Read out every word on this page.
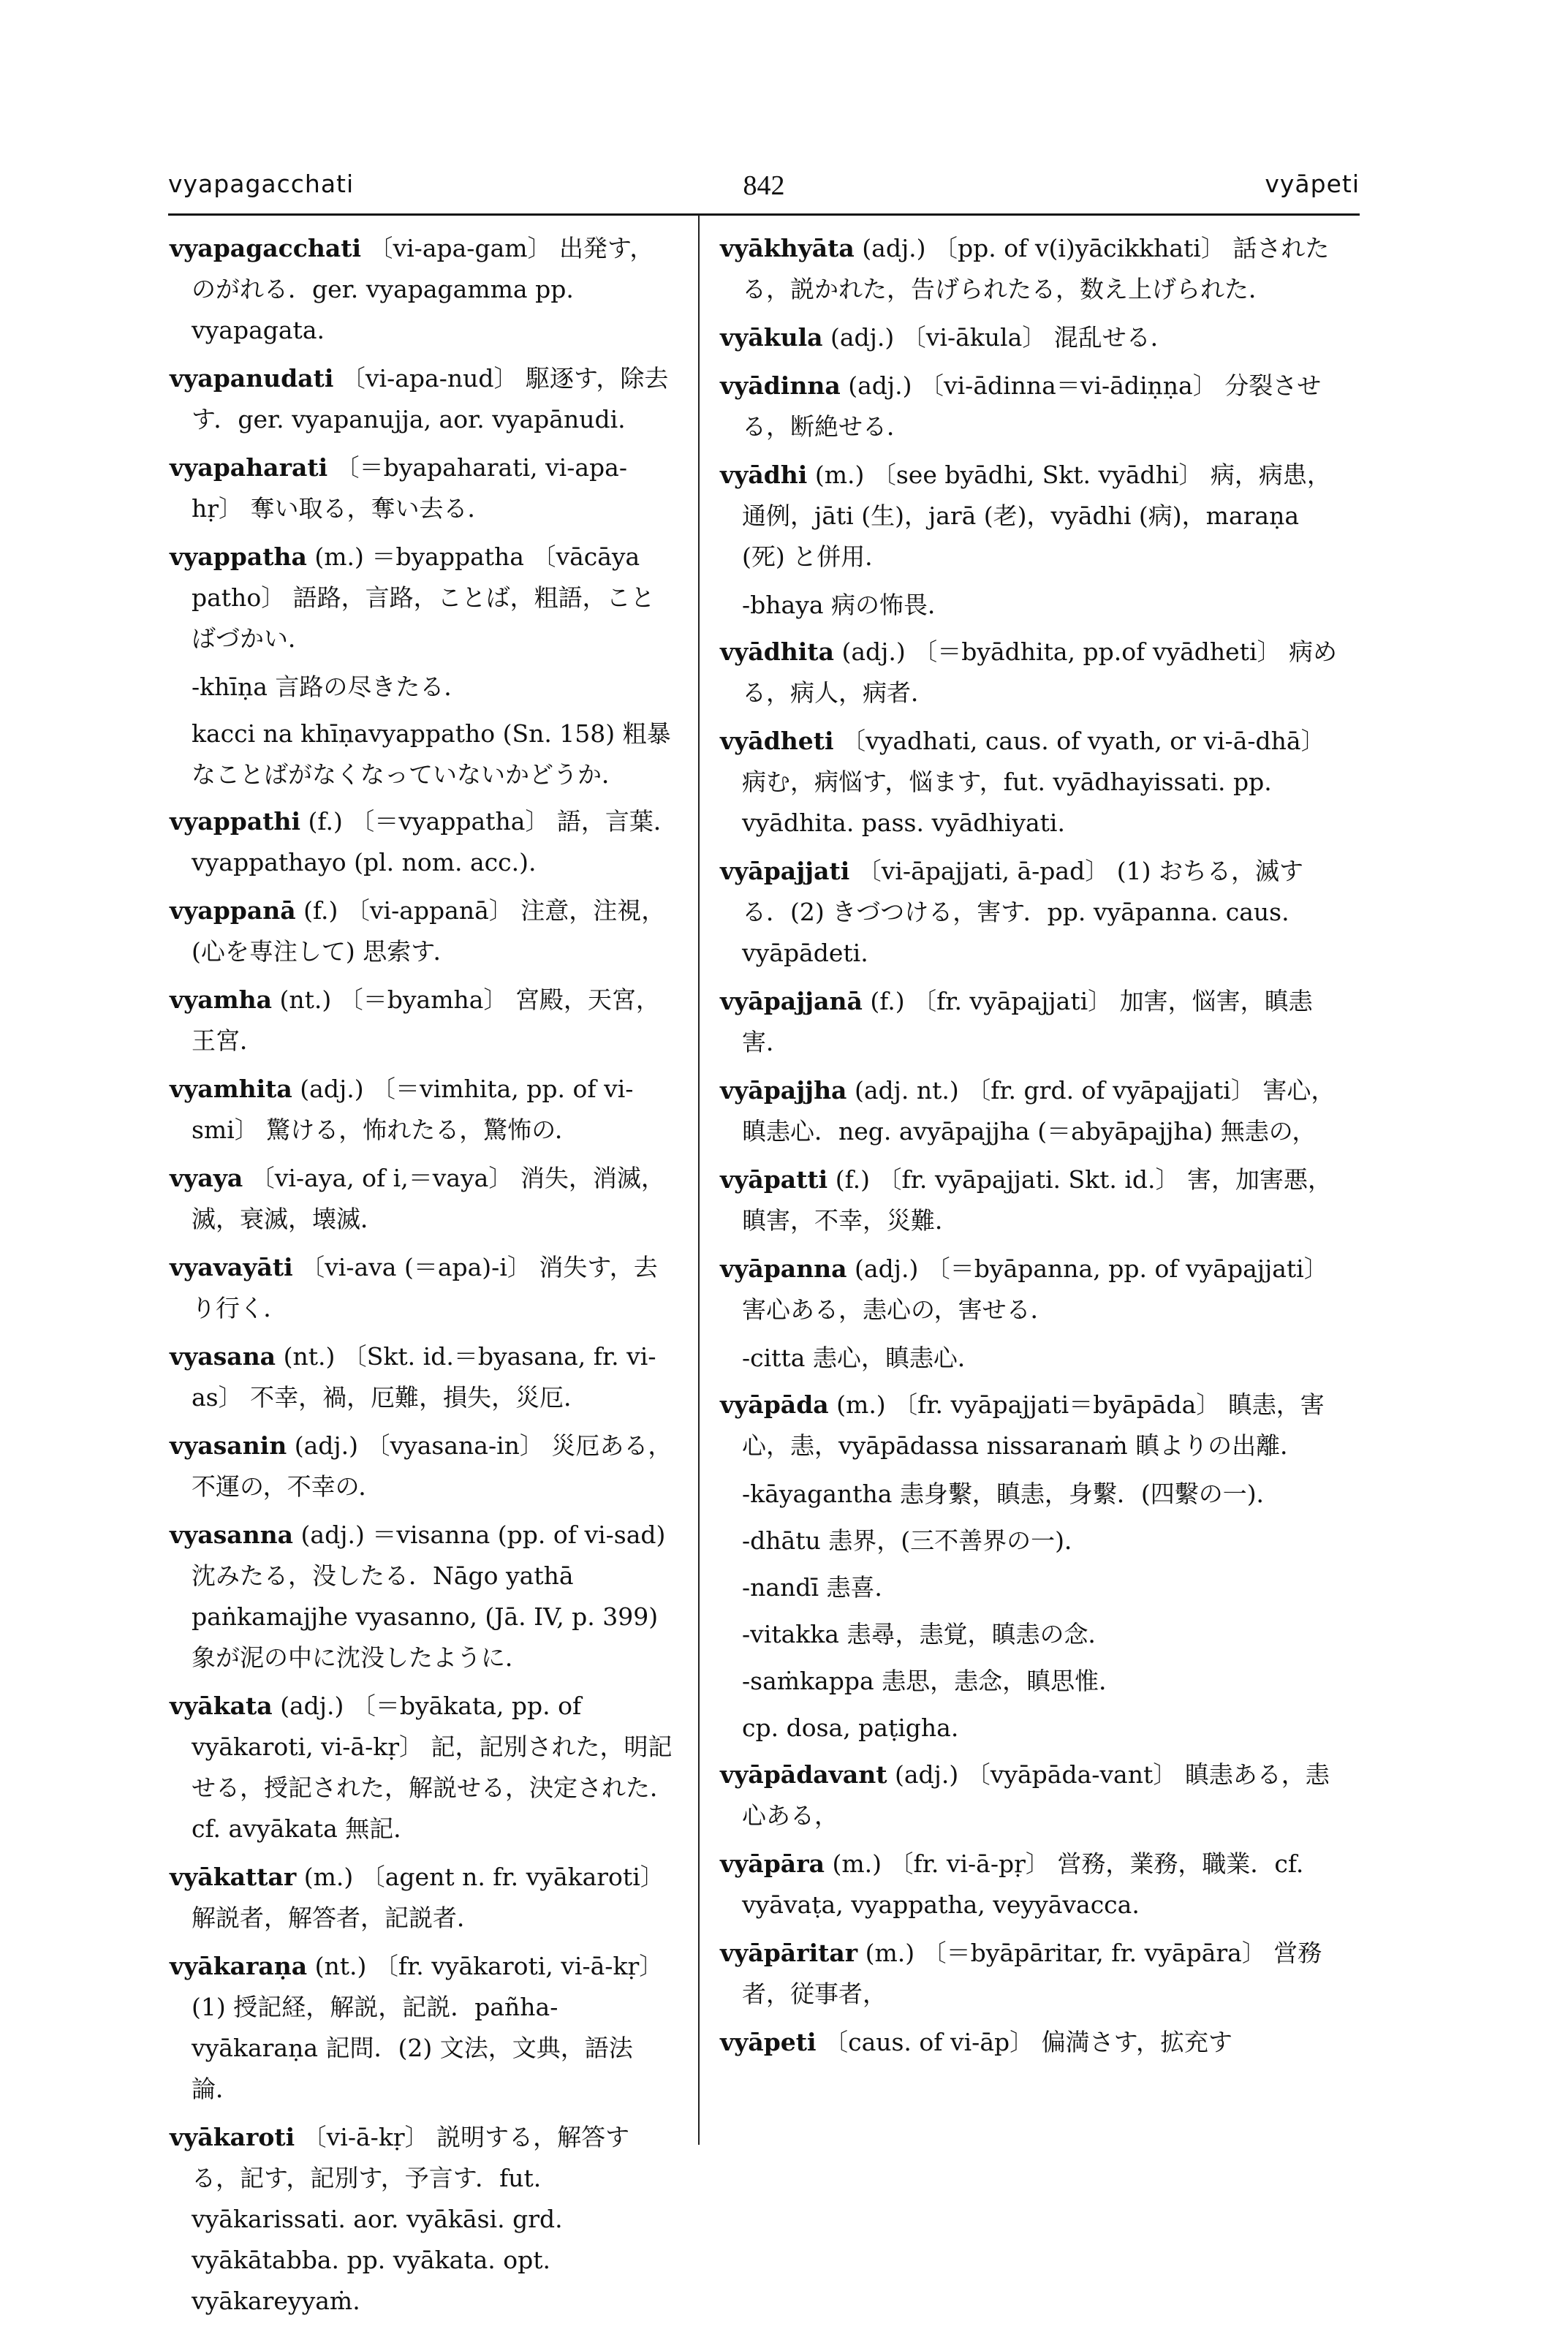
vyapagacchati	842	vyāpeti

vyapagacchati 〔vi-apa-gam〕 出発す，のがれる．ger. vyapagamma pp. vyapagata.

vyapanudati 〔vi-apa-nud〕 駆逐す，除去す．ger. vyapanujja, aor. vyapānudi.

vyapaharati 〔＝byapaharati, vi-apa-hṛ〕 奪い取る，奪い去る．

vyappatha (m.) ＝byappatha 〔vācāya patho〕 語路，言路，ことば，粗語，ことばづかい．

-khīṇa 言路の尽きたる．

kacci na khīṇavyappatho (Sn. 158) 粗暴なことばがなくなっていないかどうか．

vyappathi (f.) 〔＝vyappatha〕 語，言葉．vyappathayo (pl. nom. acc.).

vyappanā (f.) 〔vi-appanā〕 注意，注視，(心を専注して) 思索す．

vyamha (nt.) 〔＝byamha〕 宮殿，天宮，王宮．

vyamhita (adj.) 〔＝vimhita, pp. of vi-smi〕 驚ける，怖れたる，驚怖の．

vyaya 〔vi-aya, of i,＝vaya〕 消失，消滅，滅，衰滅，壊滅．

vyavayāti 〔vi-ava (＝apa)-i〕 消失す，去り行く．

vyasana (nt.) 〔Skt. id.＝byasana, fr. vi-as〕 不幸，禍，厄難，損失，災厄．

vyasanin (adj.) 〔vyasana-in〕 災厄ある，不運の，不幸の．

vyasanna (adj.) ＝visanna (pp. of vi-sad) 沈みたる，没したる．Nāgo yathā paṅkamajjhe vyasanno, (Jā. IV, p. 399) 象が泥の中に沈没したように．

vyākata (adj.) 〔＝byākata, pp. of vyākaroti, vi-ā-kṛ〕 記，記別された，明記せる，授記された，解説せる，決定された．cf. avyākata 無記．

vyākattar (m.) 〔agent n. fr. vyākaroti〕 解説者，解答者，記説者．

vyākaraṇa (nt.) 〔fr. vyākaroti, vi-ā-kṛ〕 (1) 授記経，解説，記説．pañha-vyākaraṇa 記問．(2) 文法，文典，語法論．

vyākaroti 〔vi-ā-kṛ〕 説明する，解答する，記す，記別す，予言す．fut. vyākarissati. aor. vyākāsi. grd. vyākātabba. pp. vyākata. opt. vyākareyyaṁ.

vyākhyāta (adj.) 〔pp. of v(i)yācikkhati〕 話されたる，説かれた，告げられたる，数え上げられた．

vyākula (adj.) 〔vi-ākula〕 混乱せる．

vyādinna (adj.) 〔vi-ādinna＝vi-ādiṇṇa〕 分裂させる，断絶せる．

vyādhi (m.) 〔see byādhi, Skt. vyādhi〕 病，病患，通例，jāti (生)，jarā (老)，vyādhi (病)，maraṇa (死) と併用．

-bhaya 病の怖畏．

vyādhita (adj.) 〔＝byādhita, pp.of vyādheti〕 病める，病人，病者．

vyādheti 〔vyadhati, caus. of vyath, or vi-ā-dhā〕 病む，病悩す，悩ます，fut. vyādhayissati. pp. vyādhita. pass. vyādhiyati.

vyāpajjati 〔vi-āpajjati, ā-pad〕 (1) おちる，滅する．(2) きづつける，害す．pp. vyāpanna. caus. vyāpādeti.

vyāpajjanā (f.) 〔fr. vyāpajjati〕 加害，悩害，瞋恚害．

vyāpajjha (adj. nt.) 〔fr. grd. of vyāpajjati〕 害心，瞋恚心．neg. avyāpajjha (＝abyāpajjha) 無恚の，

vyāpatti (f.) 〔fr. vyāpajjati. Skt. id.〕 害，加害悪，瞋害，不幸，災難．

vyāpanna (adj.) 〔＝byāpanna, pp. of vyāpajjati〕 害心ある，恚心の，害せる．

-citta 恚心，瞋恚心．

vyāpāda (m.) 〔fr. vyāpajjati＝byāpāda〕 瞋恚，害心，恚，vyāpādassa nissaranaṁ 瞋よりの出離．

-kāyagantha 恚身繫，瞋恚，身繫．(四繫の一)．

-dhātu 恚界，(三不善界の一)．

-nandī 恚喜．

-vitakka 恚尋，恚覚，瞋恚の念．

-saṁkappa 恚思，恚念，瞋思惟．

cp. dosa, paṭigha.

vyāpādavant (adj.) 〔vyāpāda-vant〕 瞋恚ある，恚心ある，

vyāpāra (m.) 〔fr. vi-ā-pṛ〕 営務，業務，職業．cf. vyāvaṭa, vyappatha, veyyāvacca.

vyāpāritar (m.) 〔＝byāpāritar, fr. vyāpāra〕 営務者，従事者，

vyāpeti 〔caus. of vi-āp〕 偏満さす，拡充す
